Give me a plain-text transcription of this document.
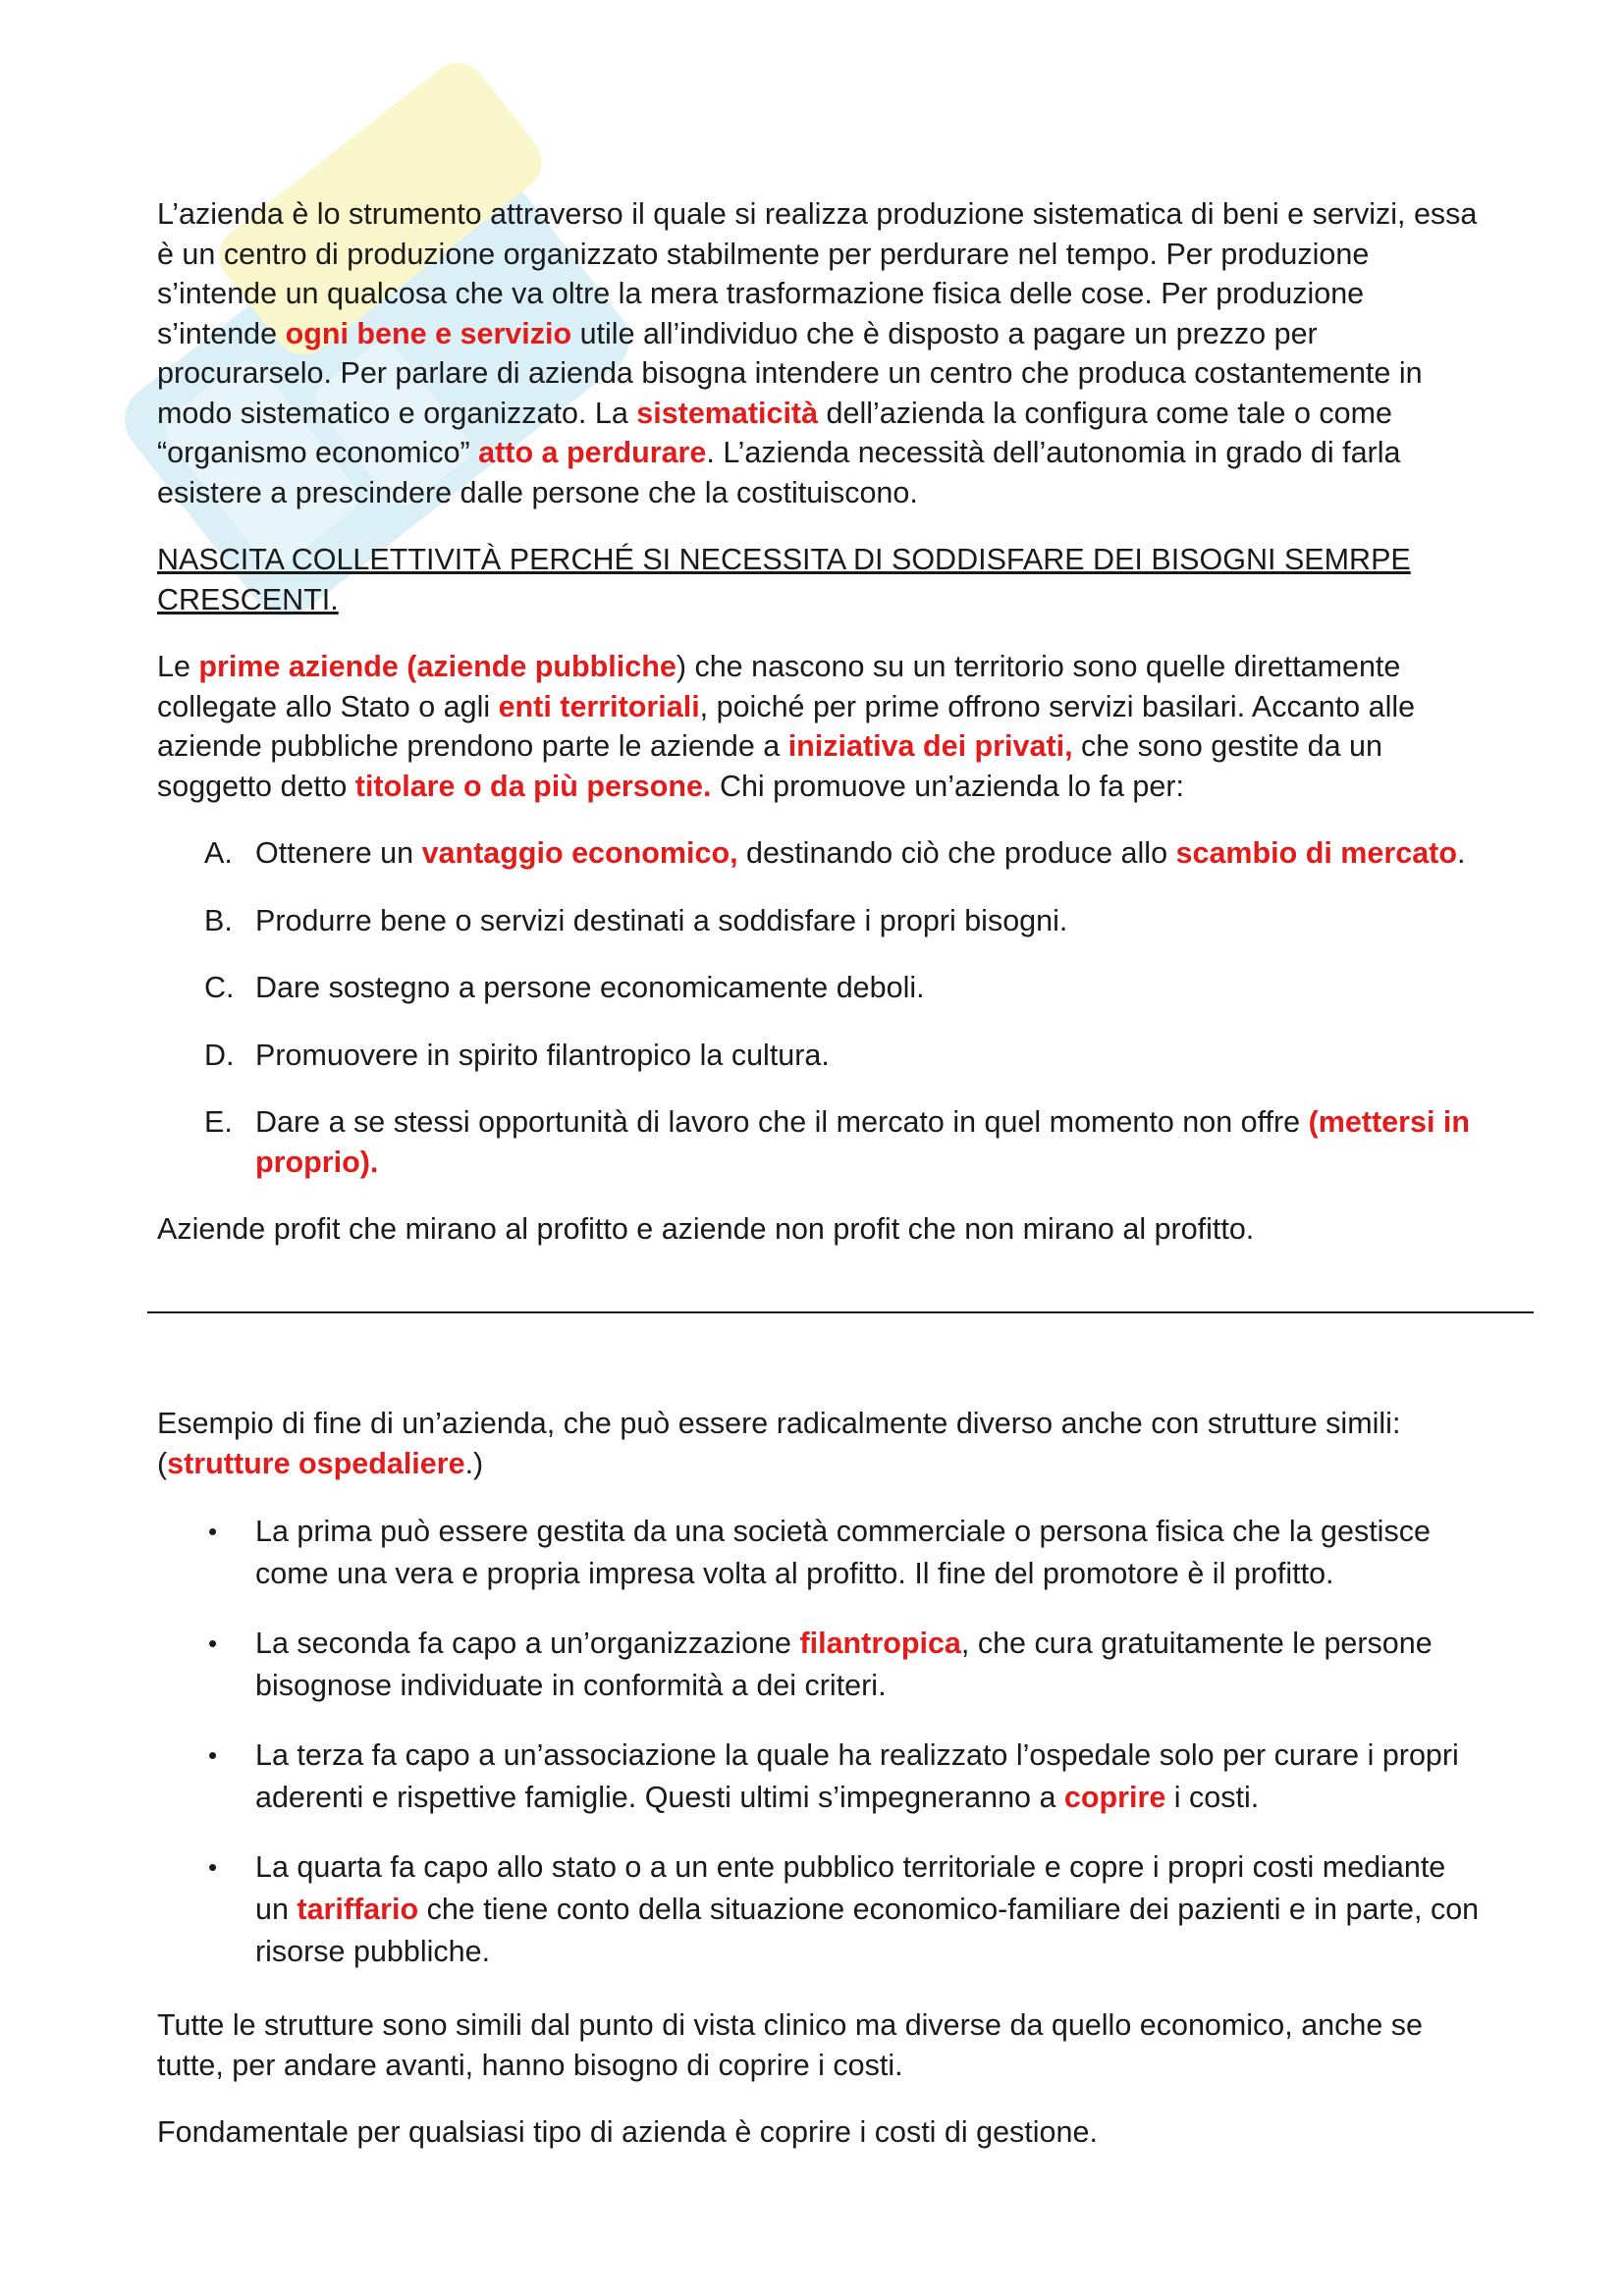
L’azienda è lo strumento attraverso il quale si realizza produzione sistematica di beni e servizi, essa è un centro di produzione organizzato stabilmente per perdurare nel tempo. Per produzione s’intende un qualcosa che va oltre la mera trasformazione fisica delle cose. Per produzione s’intende ogni bene e servizio utile all’individuo che è disposto a pagare un prezzo per procurarselo. Per parlare di azienda bisogna intendere un centro che produca costantemente in modo sistematico e organizzato. La sistematicità dell’azienda la configura come tale o come “organismo economico” atto a perdurare. L’azienda necessità dell’autonomia in grado di farla esistere a prescindere dalle persone che la costituiscono.

NASCITA COLLETTIVITÀ PERCHÉ SI NECESSITA DI SODDISFARE DEI BISOGNI SEMRPE CRESCENTI.

Le prime aziende (aziende pubbliche) che nascono su un territorio sono quelle direttamente collegate allo Stato o agli enti territoriali, poiché per prime offrono servizi basilari. Accanto alle aziende pubbliche prendono parte le aziende a iniziativa dei privati, che sono gestite da un soggetto detto titolare o da più persone. Chi promuove un’azienda lo fa per:

A. Ottenere un vantaggio economico, destinando ciò che produce allo scambio di mercato.
B. Produrre bene o servizi destinati a soddisfare i propri bisogni.
C. Dare sostegno a persone economicamente deboli.
D. Promuovere in spirito filantropico la cultura.
E. Dare a se stessi opportunità di lavoro che il mercato in quel momento non offre (mettersi in proprio).

Aziende profit che mirano al profitto e aziende non profit che non mirano al profitto.

Esempio di fine di un’azienda, che può essere radicalmente diverso anche con strutture simili: (strutture ospedaliere.)

• La prima può essere gestita da una società commerciale o persona fisica che la gestisce come una vera e propria impresa volta al profitto. Il fine del promotore è il profitto.
• La seconda fa capo a un’organizzazione filantropica, che cura gratuitamente le persone bisognose individuate in conformità a dei criteri.
• La terza fa capo a un’associazione la quale ha realizzato l’ospedale solo per curare i propri aderenti e rispettive famiglie. Questi ultimi s’impegneranno a coprire i costi.
• La quarta fa capo allo stato o a un ente pubblico territoriale e copre i propri costi mediante un tariffario che tiene conto della situazione economico-familiare dei pazienti e in parte, con risorse pubbliche.

Tutte le strutture sono simili dal punto di vista clinico ma diverse da quello economico, anche se tutte, per andare avanti, hanno bisogno di coprire i costi.

Fondamentale per qualsiasi tipo di azienda è coprire i costi di gestione.
